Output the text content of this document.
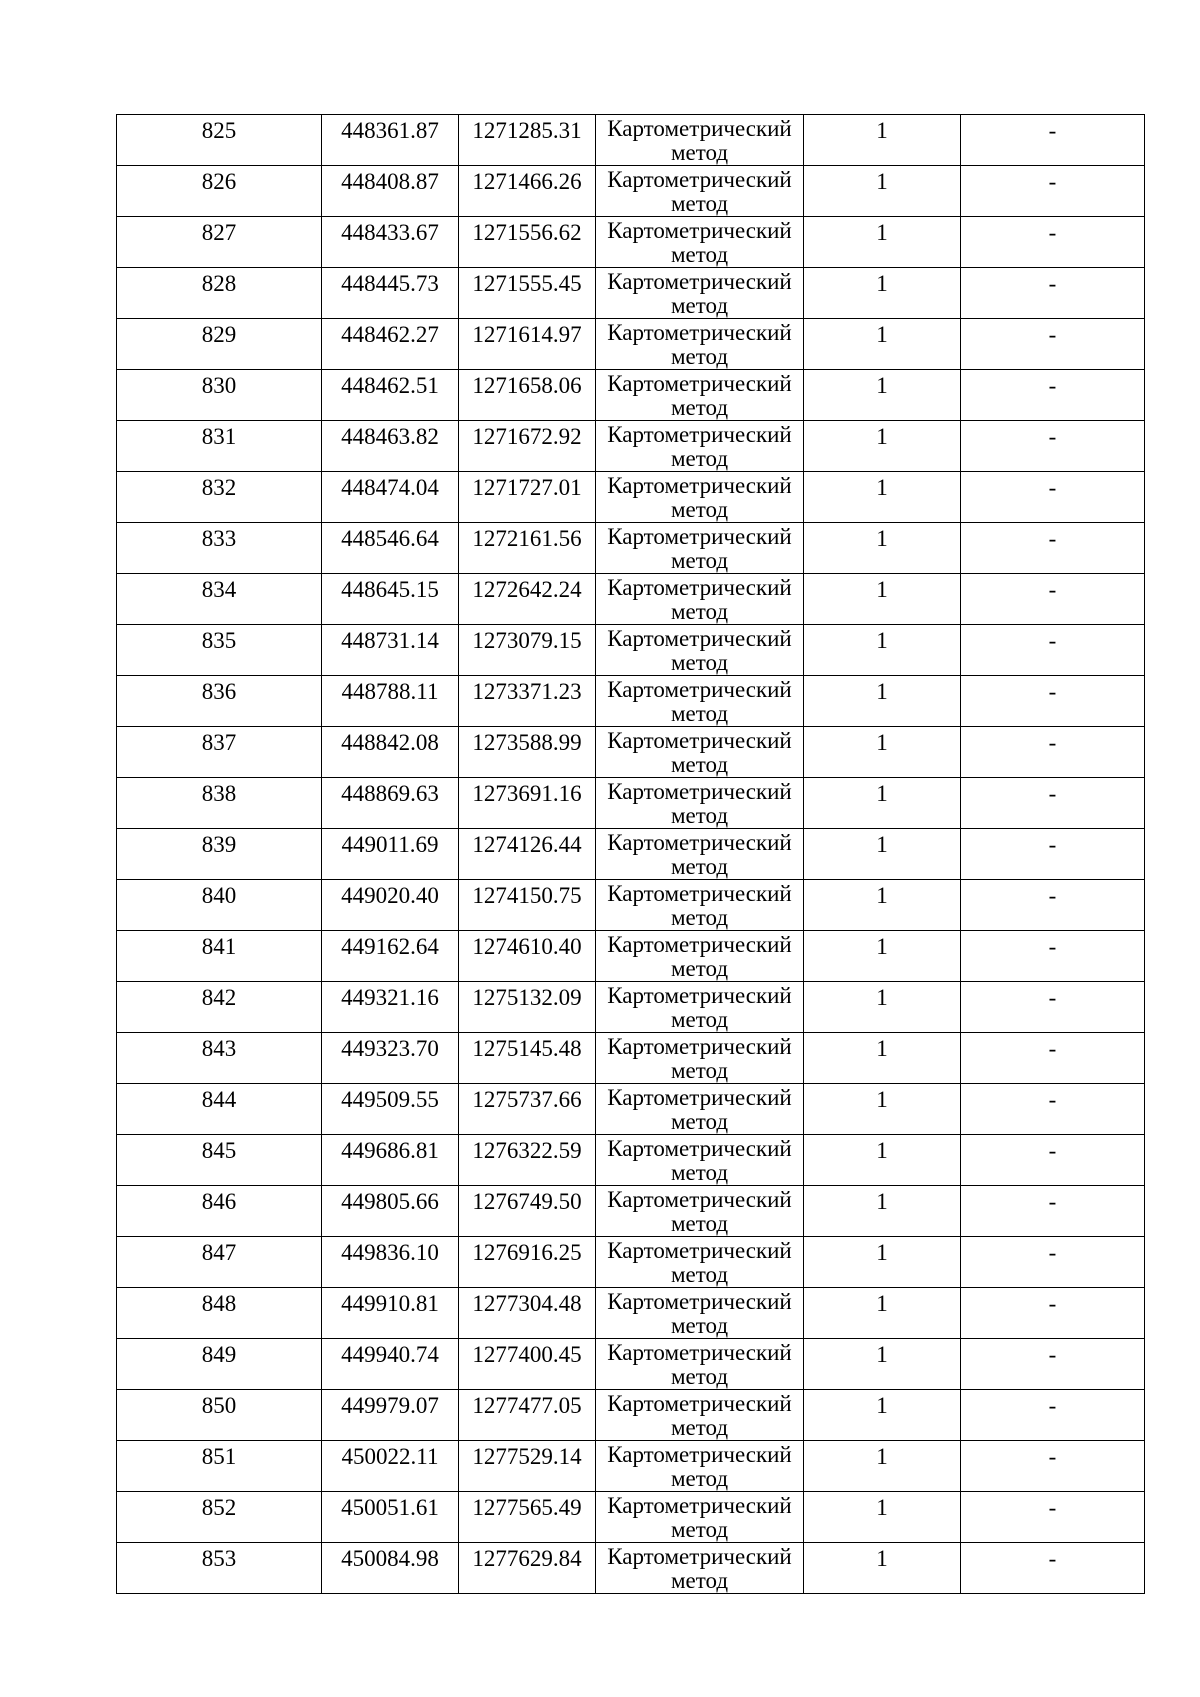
825	448361.87	1271285.31	Картометрический метод	1	-

826	448408.87	1271466.26	Картометрический метод	1	-

827	448433.67	1271556.62	Картометрический метод	1	-

828	448445.73	1271555.45	Картометрический метод	1	-

829	448462.27	1271614.97	Картометрический метод	1	-

830	448462.51	1271658.06	Картометрический метод	1	-

831	448463.82	1271672.92	Картометрический метод	1	-

832	448474.04	1271727.01	Картометрический метод	1	-

833	448546.64	1272161.56	Картометрический метод	1	-

834	448645.15	1272642.24	Картометрический метод	1	-

835	448731.14	1273079.15	Картометрический метод	1	-

836	448788.11	1273371.23	Картометрический метод	1	-

837	448842.08	1273588.99	Картометрический метод	1	-

838	448869.63	1273691.16	Картометрический метод	1	-

839	449011.69	1274126.44	Картометрический метод	1	-

840	449020.40	1274150.75	Картометрический метод	1	-

841	449162.64	1274610.40	Картометрический метод	1	-

842	449321.16	1275132.09	Картометрический метод	1	-

843	449323.70	1275145.48	Картометрический метод	1	-

844	449509.55	1275737.66	Картометрический метод	1	-

845	449686.81	1276322.59	Картометрический метод	1	-

846	449805.66	1276749.50	Картометрический метод	1	-

847	449836.10	1276916.25	Картометрический метод	1	-

848	449910.81	1277304.48	Картометрический метод	1	-

849	449940.74	1277400.45	Картометрический метод	1	-

850	449979.07	1277477.05	Картометрический метод	1	-

851	450022.11	1277529.14	Картометрический метод	1	-

852	450051.61	1277565.49	Картометрический метод	1	-

853	450084.98	1277629.84	Картометрический метод	1	-
